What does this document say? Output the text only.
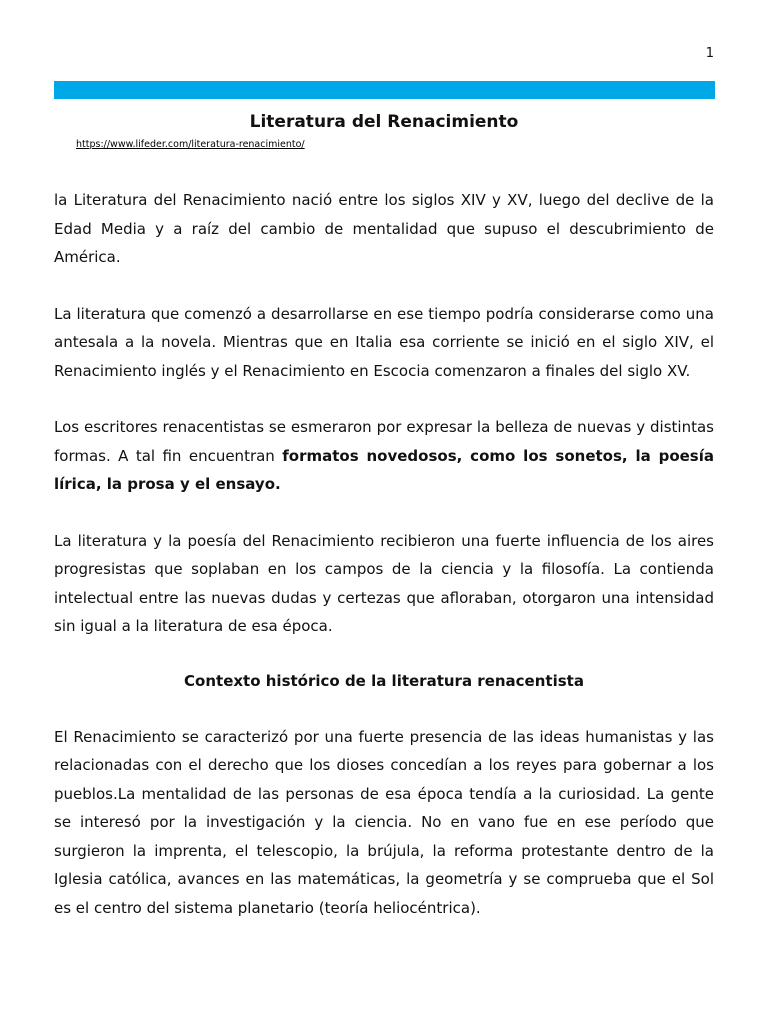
1
Literatura del Renacimiento
https://www.lifeder.com/literatura-renacimiento/

la Literatura del Renacimiento nació entre los siglos XIV y XV, luego del declive de la Edad Media y a raíz del cambio de mentalidad que supuso el descubrimiento de América.

La literatura que comenzó a desarrollarse en ese tiempo podría considerarse como una antesala a la novela. Mientras que en Italia esa corriente se inició en el siglo XIV, el Renacimiento inglés y el Renacimiento en Escocia comenzaron a finales del siglo XV.

Los escritores renacentistas se esmeraron por expresar la belleza de nuevas y distintas formas. A tal fin encuentran formatos novedosos, como los sonetos, la poesía lírica, la prosa y el ensayo.

La literatura y la poesía del Renacimiento recibieron una fuerte influencia de los aires progresistas que soplaban en los campos de la ciencia y la filosofía. La contienda intelectual entre las nuevas dudas y certezas que afloraban, otorgaron una intensidad sin igual a la literatura de esa época.

Contexto histórico de la literatura renacentista

El Renacimiento se caracterizó por una fuerte presencia de las ideas humanistas y las relacionadas con el derecho que los dioses concedían a los reyes para gobernar a los pueblos.La mentalidad de las personas de esa época tendía a la curiosidad. La gente se interesó por la investigación y la ciencia. No en vano fue en ese período que surgieron la imprenta, el telescopio, la brújula, la reforma protestante dentro de la Iglesia católica, avances en las matemáticas, la geometría y se comprueba que el Sol es el centro del sistema planetario (teoría heliocéntrica).
